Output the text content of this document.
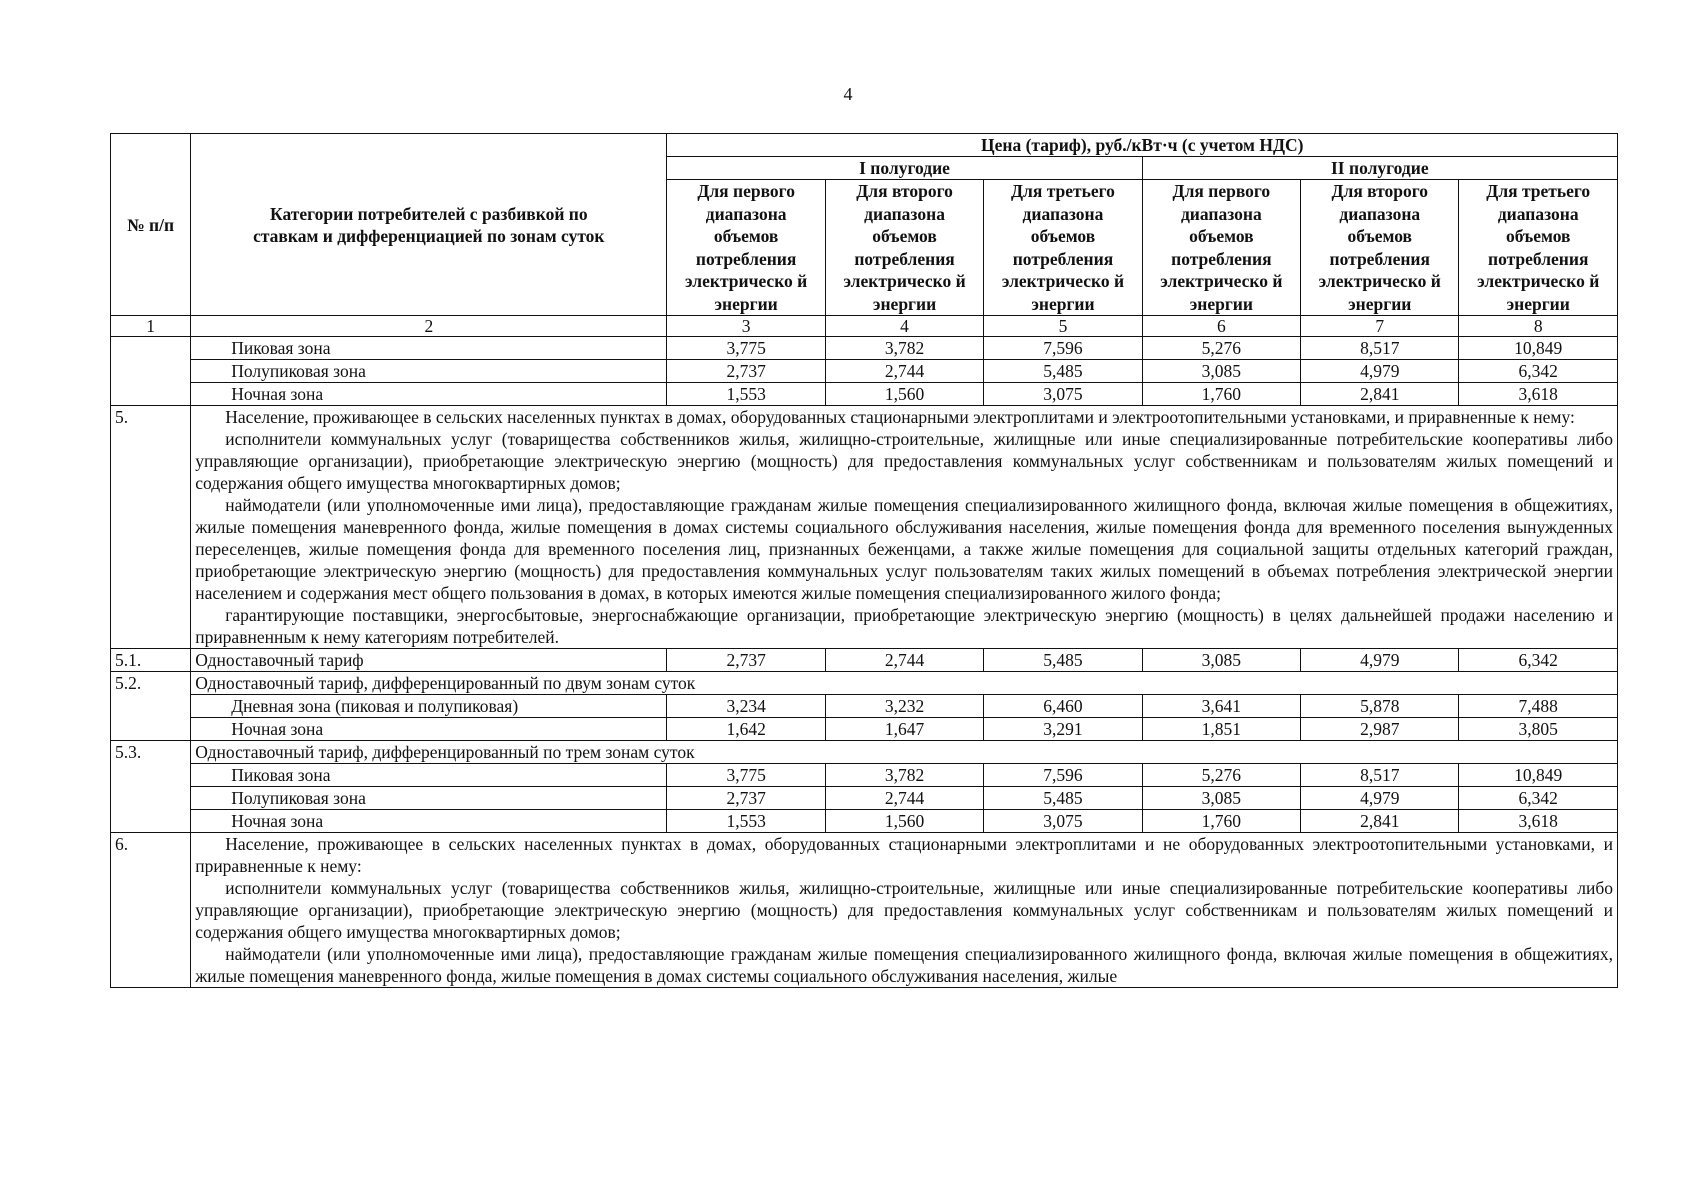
4
№ п/п	Категории потребителей с разбивкой по ставкам и дифференциацией по зонам суток	Цена (тариф), руб./кВт·ч (с учетом НДС)					
		I полугодие			II полугодие		
		Для первого диапазона объемов потребления электрическо й энергии	Для второго диапазона объемов потребления электрическо й энергии	Для третьего диапазона объемов потребления электрическо й энергии	Для первого диапазона объемов потребления электрическо й энергии	Для второго диапазона объемов потребления электрическо й энергии	Для третьего диапазона объемов потребления электрическо й энергии
1	2	3	4	5	6	7	8
	Пиковая зона	3,775	3,782	7,596	5,276	8,517	10,849
	Полупиковая зона	2,737	2,744	5,485	3,085	4,979	6,342
	Ночная зона	1,553	1,560	3,075	1,760	2,841	3,618
5.	Население, проживающее в сельских населенных пунктах в домах, оборудованных стационарными электроплитами и электроотопительными установками, и приравненные к нему:

исполнители коммунальных услуг (товарищества собственников жилья, жилищно-строительные, жилищные или иные специализированные потребительские кооперативы либо управляющие организации), приобретающие электрическую энергию (мощность) для предоставления коммунальных услуг собственникам и пользователям жилых помещений и содержания общего имущества многоквартирных домов;

наймодатели (или уполномоченные ими лица), предоставляющие гражданам жилые помещения специализированного жилищного фонда, включая жилые помещения в общежитиях, жилые помещения маневренного фонда, жилые помещения в домах системы социального обслуживания населения, жилые помещения фонда для временного поселения вынужденных переселенцев, жилые помещения фонда для временного поселения лиц, признанных беженцами, а также жилые помещения для социальной защиты отдельных категорий граждан, приобретающие электрическую энергию (мощность) для предоставления коммунальных услуг пользователям таких жилых помещений в объемах потребления электрической энергии населением и содержания мест общего пользования в домах, в которых имеются жилые помещения специализированного жилого фонда;

гарантирующие поставщики, энергосбытовые, энергоснабжающие организации, приобретающие электрическую энергию (мощность) в целях дальнейшей продажи населению и приравненным к нему категориям потребителей.						

5.1.	Одноставочный тариф	2,737	2,744	5,485	3,085	4,979	6,342
5.2.	Одноставочный тариф, дифференцированный по двум зонам суток						
	Дневная зона (пиковая и полупиковая)	3,234	3,232	6,460	3,641	5,878	7,488
	Ночная зона	1,642	1,647	3,291	1,851	2,987	3,805
5.3.	Одноставочный тариф, дифференцированный по трем зонам суток						
	Пиковая зона	3,775	3,782	7,596	5,276	8,517	10,849
	Полупиковая зона	2,737	2,744	5,485	3,085	4,979	6,342
	Ночная зона	1,553	1,560	3,075	1,760	2,841	3,618
6.	Население, проживающее в сельских населенных пунктах в домах, оборудованных стационарными электроплитами и не оборудованных электроотопительными установками, и приравненные к нему:

исполнители коммунальных услуг (товарищества собственников жилья, жилищно-строительные, жилищные или иные специализированные потребительские кооперативы либо управляющие организации), приобретающие электрическую энергию (мощность) для предоставления коммунальных услуг собственникам и пользователям жилых помещений и содержания общего имущества многоквартирных домов;

наймодатели (или уполномоченные ими лица), предоставляющие гражданам жилые помещения специализированного жилищного фонда, включая жилые помещения в общежитиях, жилые помещения маневренного фонда, жилые помещения в домах системы социального обслуживания населения, жилые						
